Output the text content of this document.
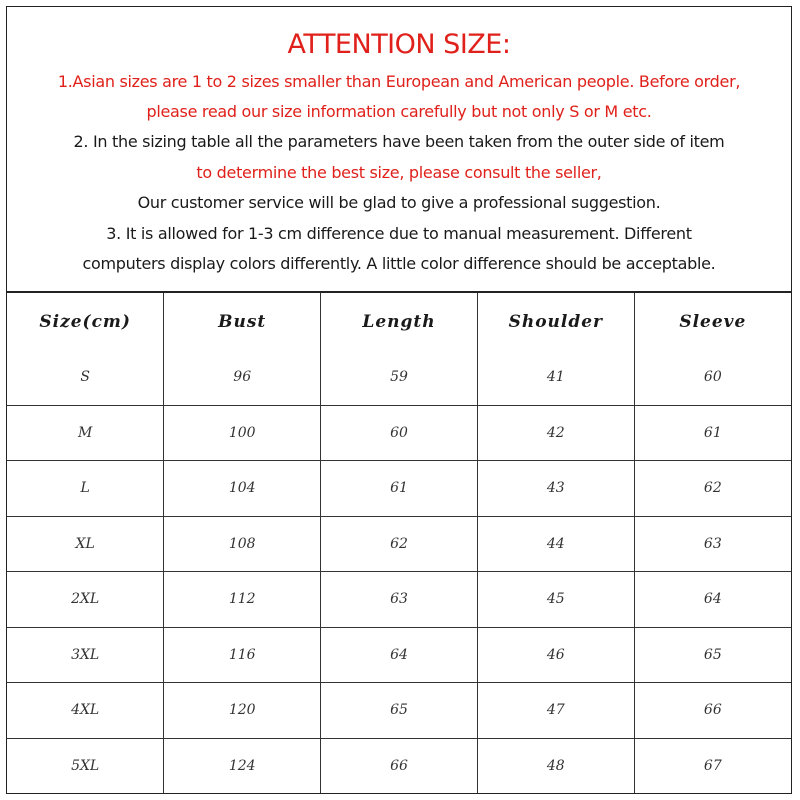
ATTENTION SIZE:
1.Asian sizes are 1 to 2 sizes smaller than European and American people. Before order,
please read our size information carefully but not only S or M etc.
2. In the sizing table all the parameters have been taken from the outer side of item
to determine the best size, please consult the seller,
Our customer service will be glad to give a professional suggestion.
3. It is allowed for 1-3 cm difference due to manual measurement. Different
computers display colors differently. A little color difference should be acceptable.
Size(cm)	Bust	Length	Shoulder	Sleeve
S	96	59	41	60
M	100	60	42	61
L	104	61	43	62
XL	108	62	44	63
2XL	112	63	45	64
3XL	116	64	46	65
4XL	120	65	47	66
5XL	124	66	48	67
